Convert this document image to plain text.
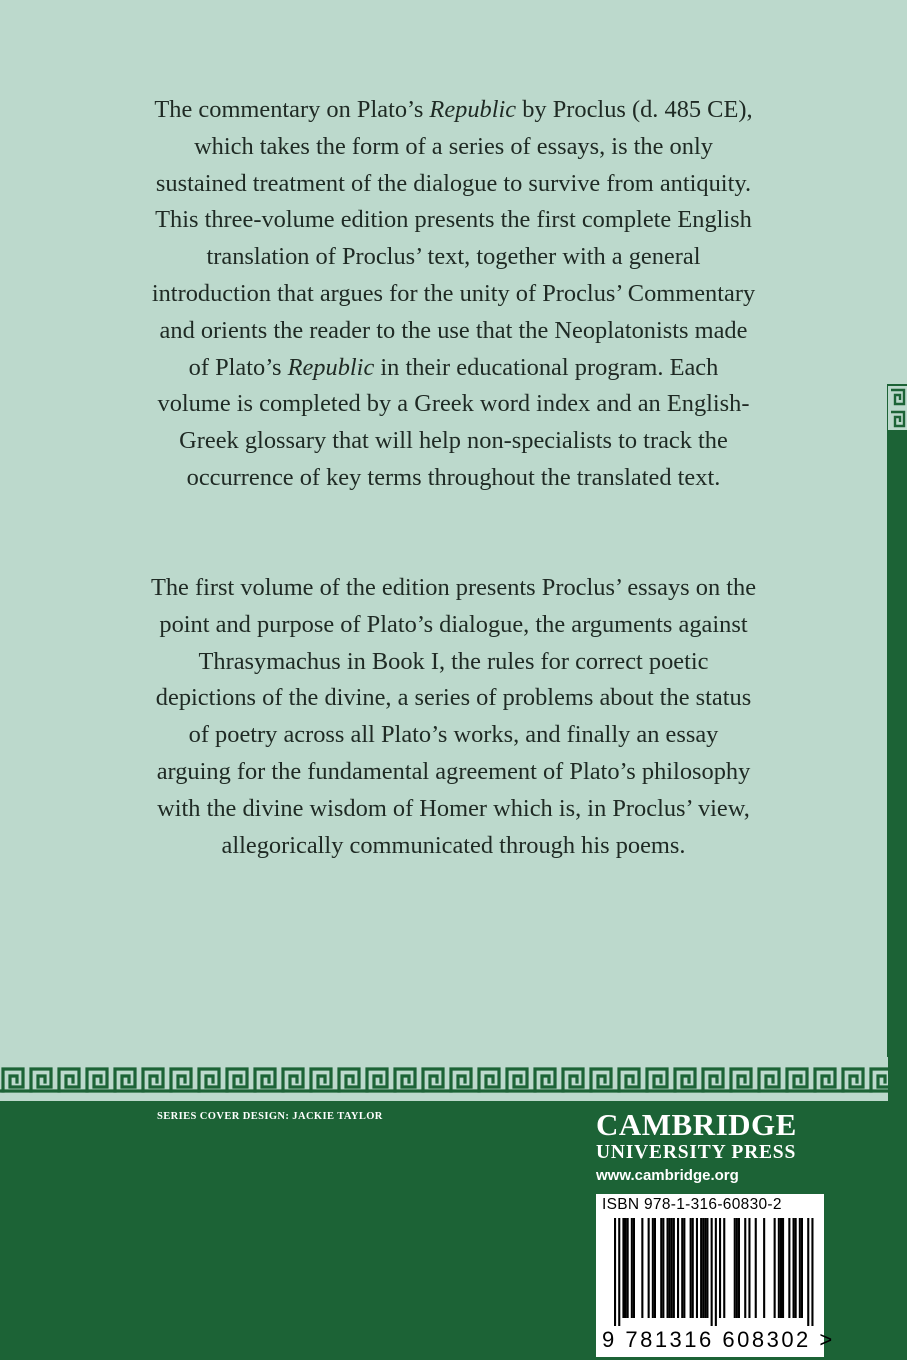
The commentary on Plato’s Republic by Proclus (d. 485 CE), which takes the form of a series of essays, is the only sustained treatment of the dialogue to survive from antiquity. This three-volume edition presents the first complete English translation of Proclus’ text, together with a general introduction that argues for the unity of Proclus’ Commentary and orients the reader to the use that the Neoplatonists made of Plato’s Republic in their educational program. Each volume is completed by a Greek word index and an English-Greek glossary that will help non-specialists to track the occurrence of key terms throughout the translated text.
The first volume of the edition presents Proclus’ essays on the point and purpose of Plato’s dialogue, the arguments against Thrasymachus in Book I, the rules for correct poetic depictions of the divine, a series of problems about the status of poetry across all Plato’s works, and finally an essay arguing for the fundamental agreement of Plato’s philosophy with the divine wisdom of Homer which is, in Proclus’ view, allegorically communicated through his poems.
SERIES COVER DESIGN: JACKIE TAYLOR	CAMBRIDGE
UNIVERSITY PRESS
www.cambridge.org
ISBN 978-1-316-60830-2
9 781316 608302 >
